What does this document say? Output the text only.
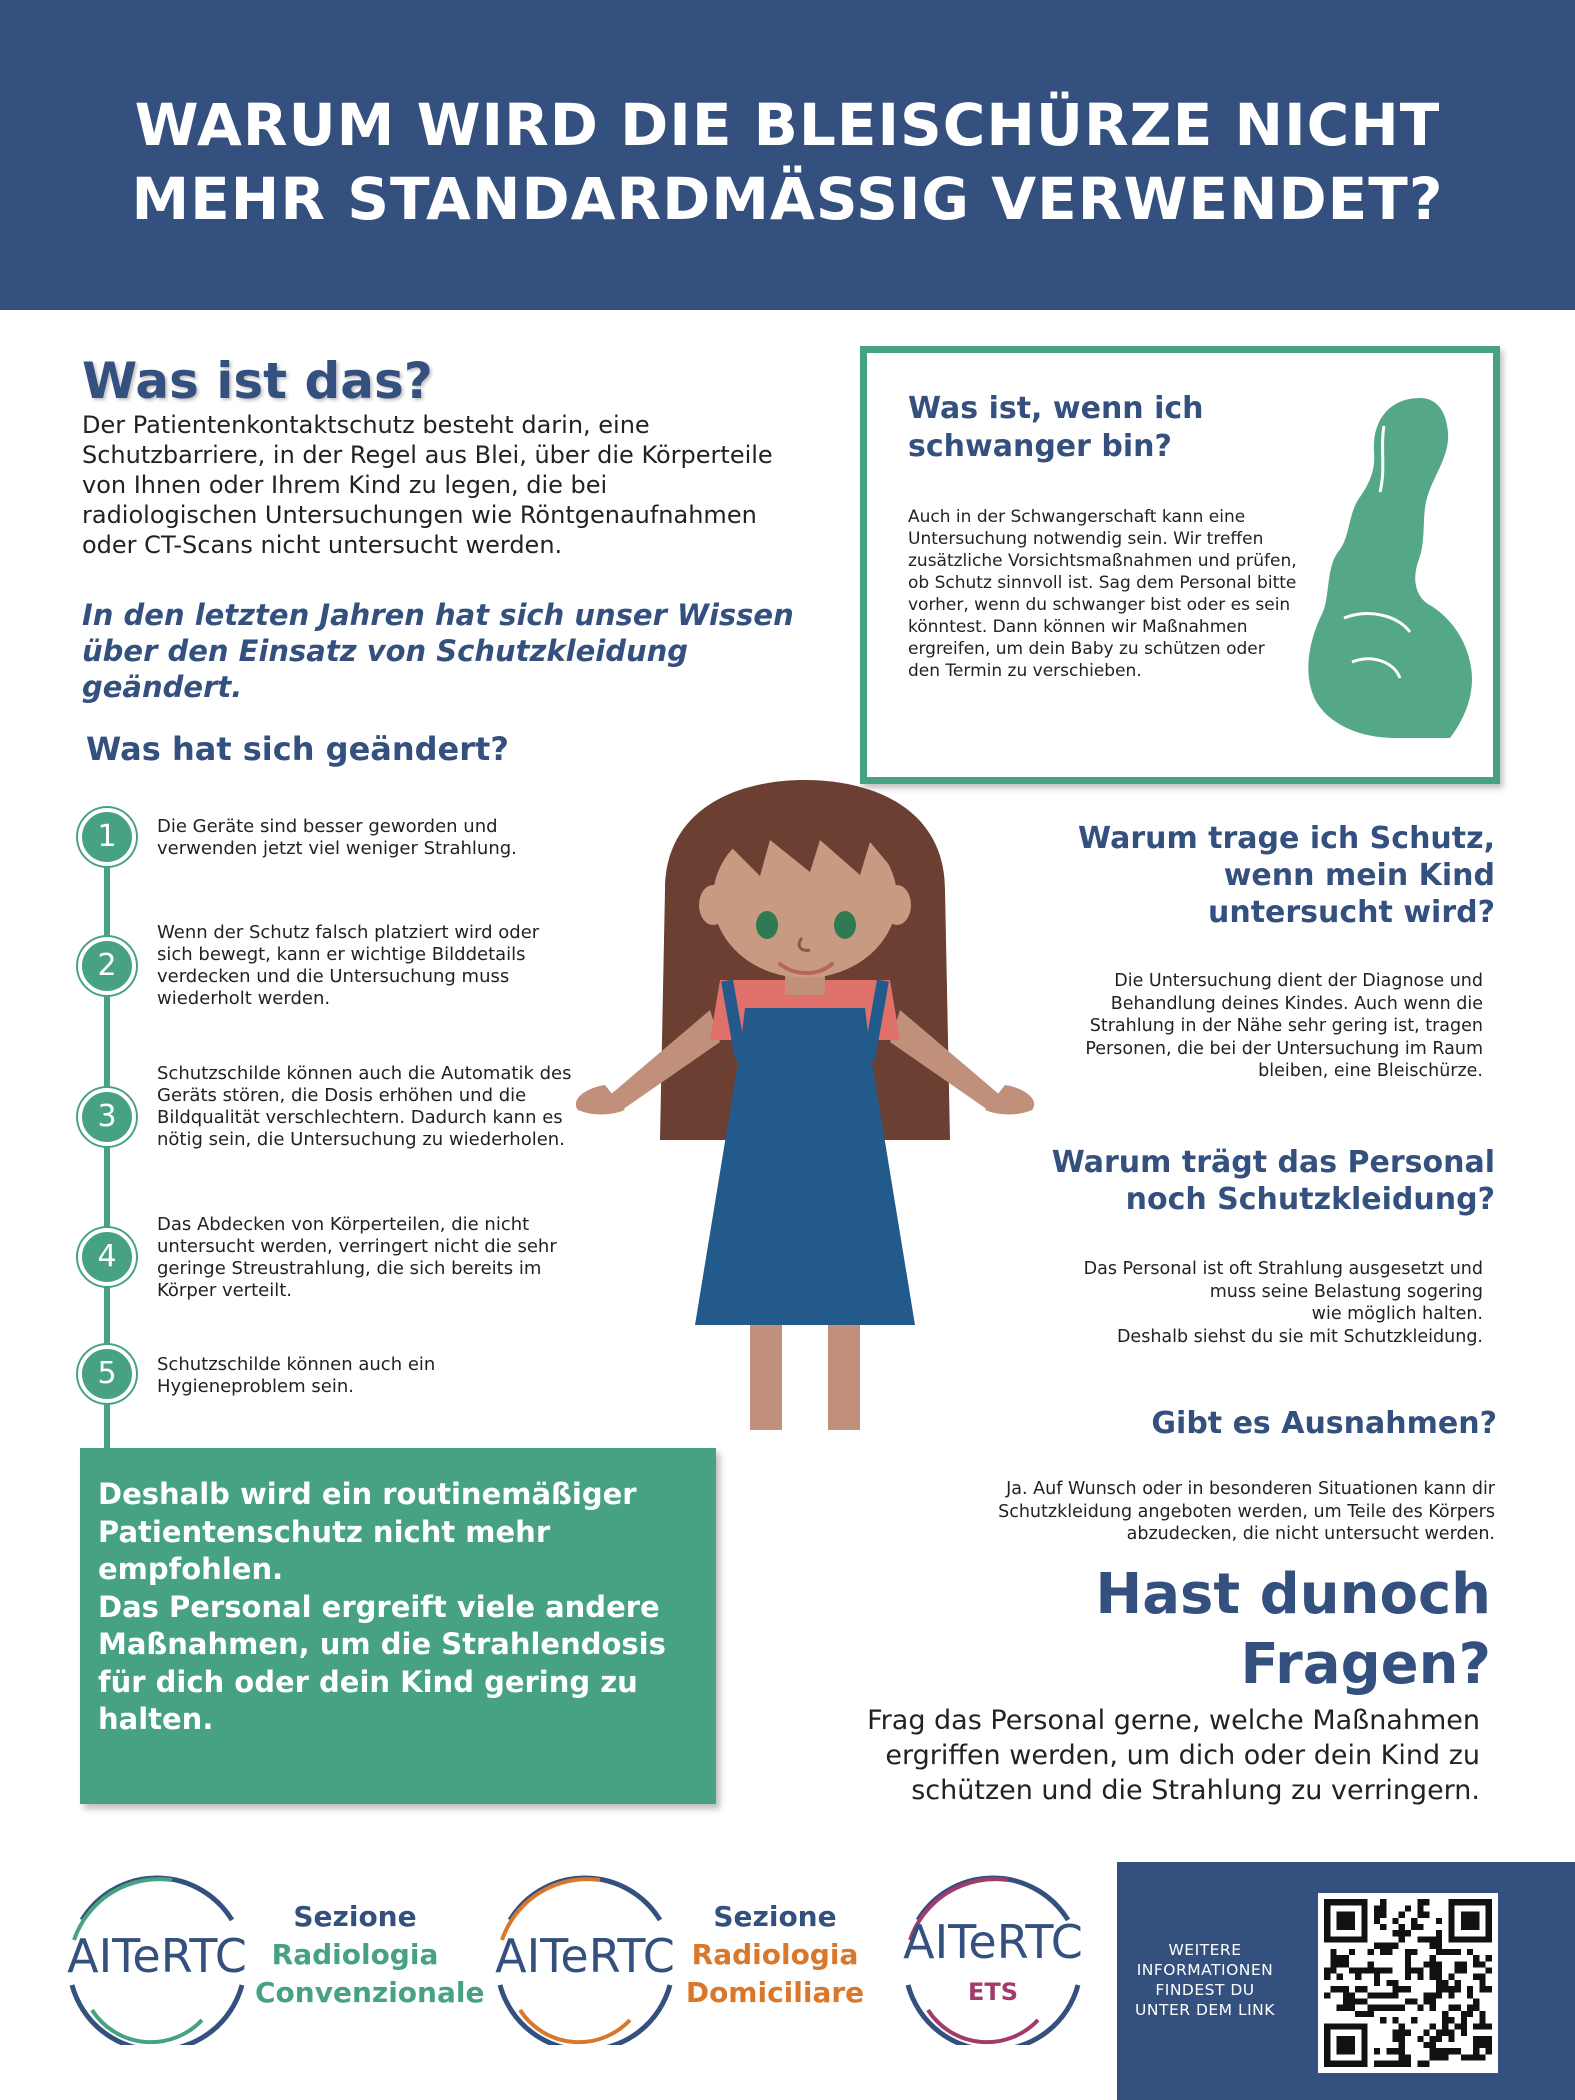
WARUM WIRD DIE BLEISCHÜRZE NICHT
MEHR STANDARDMÄSSIG VERWENDET?
Was ist das?
Der Patientenkontaktschutz besteht darin, eine Schutzbarriere, in der Regel aus Blei, über die Körperteile von Ihnen oder Ihrem Kind zu legen, die bei radiologischen Untersuchungen wie Röntgenaufnahmen oder CT-Scans nicht untersucht werden.
In den letzten Jahren hat sich unser Wissen über den Einsatz von Schutzkleidung geändert.
Was hat sich geändert?
1	Die Geräte sind besser geworden und verwenden jetzt viel weniger Strahlung.
2
Wenn der Schutz falsch platziert wird oder sich bewegt, kann er wichtige Bilddetails verdecken und die Untersuchung muss wiederholt werden.
3
Schutzschilde können auch die Automatik des Geräts stören, die Dosis erhöhen und die Bildqualität verschlechtern. Dadurch kann es nötig sein, die Untersuchung zu wiederholen.
4
Das Abdecken von Körperteilen, die nicht untersucht werden, verringert nicht die sehr geringe Streustrahlung, die sich bereits im Körper verteilt.
5	Schutzschilde können auch ein Hygieneproblem sein.

Deshalb wird ein routinemäßiger Patientenschutz nicht mehr empfohlen.
Das Personal ergreift viele andere Maßnahmen, um die Strahlendosis für dich oder dein Kind gering zu halten.

Was ist, wenn ich schwanger bin?
Auch in der Schwangerschaft kann eine Untersuchung notwendig sein. Wir treffen zusätzliche Vorsichtsmaßnahmen und prüfen, ob Schutz sinnvoll ist. Sag dem Personal bitte vorher, wenn du schwanger bist oder es sein könntest. Dann können wir Maßnahmen ergreifen, um dein Baby zu schützen oder den Termin zu verschieben.
Warum trage ich Schutz,
wenn mein Kind
untersucht wird?
Die Untersuchung dient der Diagnose und
Behandlung deines Kindes. Auch wenn die
Strahlung in der Nähe sehr gering ist, tragen
Personen, die bei der Untersuchung im Raum
bleiben, eine Bleischürze.
Warum trägt das Personal
noch Schutzkleidung?
Das Personal ist oft Strahlung ausgesetzt und
muss seine Belastung sogering
wie möglich halten.
Deshalb siehst du sie mit Schutzkleidung.
Gibt es Ausnahmen?
Ja. Auf Wunsch oder in besonderen Situationen kann dir
Schutzkleidung angeboten werden, um Teile des Körpers
abzudecken, die nicht untersucht werden.
Hast dunoch
Fragen?
Frag das Personal gerne, welche Maßnahmen ergriffen werden, um dich oder dein Kind zu schützen und die Strahlung zu verringern.
AITeRTC
Sezione
Radiologia
Convenzionale
AITeRTC
Sezione
Radiologia
Domiciliare
AITeRTC
ETS
WEITERE INFORMATIONEN FINDEST DU UNTER DEM LINK
